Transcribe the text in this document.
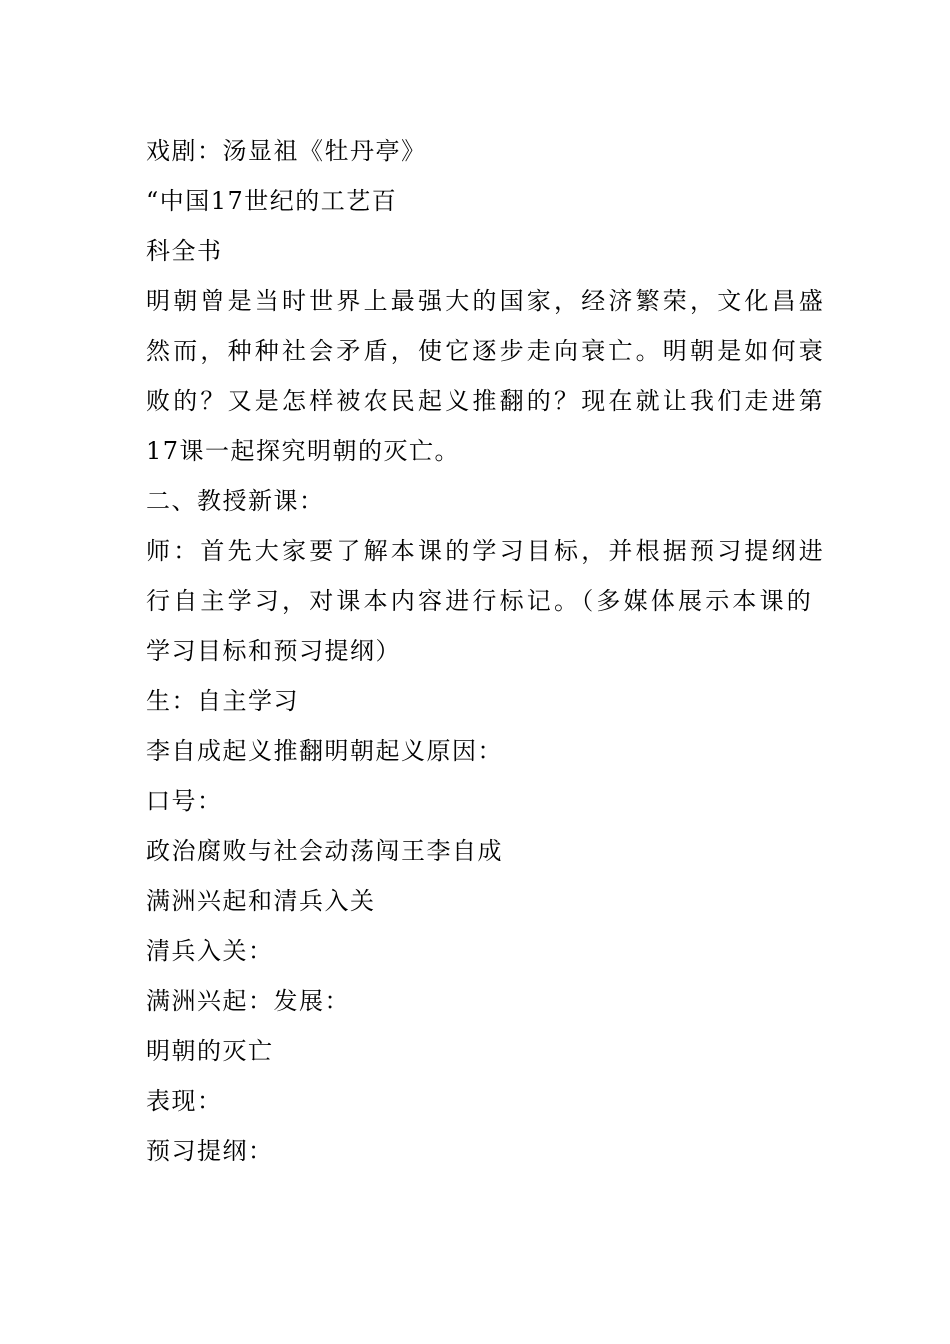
戏剧：汤显祖《牡丹亭》

“中国17世纪的工艺百

科全书

明朝曾是当时世界上最强大的国家，经济繁荣，文化昌盛

然而，种种社会矛盾，使它逐步走向衰亡。明朝是如何衰

败的？又是怎样被农民起义推翻的？现在就让我们走进第

17课一起探究明朝的灭亡。

二、教授新课：

师：首先大家要了解本课的学习目标，并根据预习提纲进

行自主学习，对课本内容进行标记。（多媒体展示本课的

学习目标和预习提纲）

生：自主学习

李自成起义推翻明朝起义原因：

口号：

政治腐败与社会动荡闯王李自成

满洲兴起和清兵入关

清兵入关：

满洲兴起：发展：

明朝的灭亡

表现：

预习提纲：
